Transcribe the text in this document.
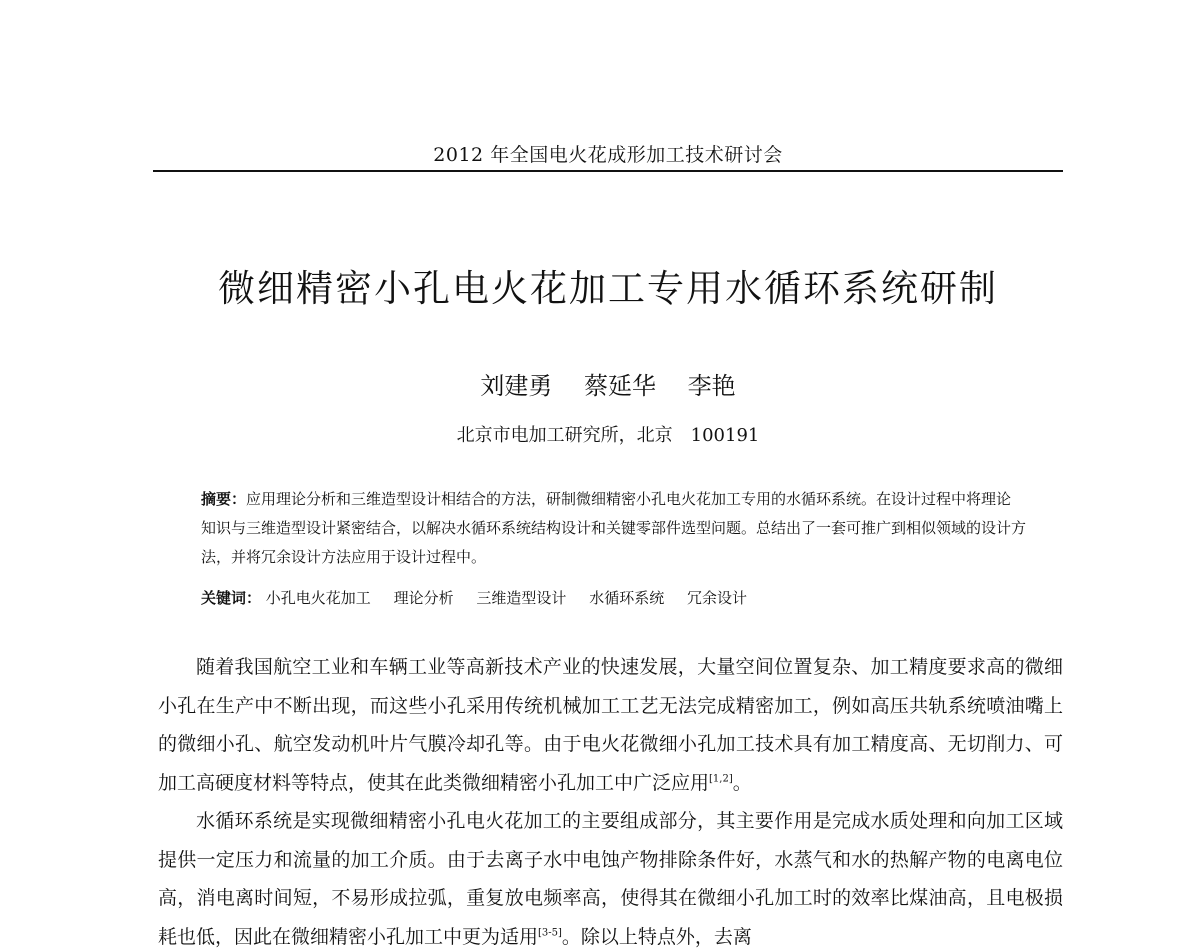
2012 年全国电火花成形加工技术研讨会
微细精密小孔电火花加工专用水循环系统研制
刘建勇 蔡延华 李艳
北京市电加工研究所，北京　100191
摘要：应用理论分析和三维造型设计相结合的方法，研制微细精密小孔电火花加工专用的水循环系统。在设计过程中将理论知识与三维造型设计紧密结合，以解决水循环系统结构设计和关键零部件选型问题。总结出了一套可推广到相似领域的设计方法，并将冗余设计方法应用于设计过程中。
关键词： 小孔电火花加工 理论分析 三维造型设计 水循环系统 冗余设计

随着我国航空工业和车辆工业等高新技术产业的快速发展，大量空间位置复杂、加工精度要求高的微细小孔在生产中不断出现，而这些小孔采用传统机械加工工艺无法完成精密加工，例如高压共轨系统喷油嘴上的微细小孔、航空发动机叶片气膜冷却孔等。由于电火花微细小孔加工技术具有加工精度高、无切削力、可加工高硬度材料等特点，使其在此类微细精密小孔加工中广泛应用[1,2]。

水循环系统是实现微细精密小孔电火花加工的主要组成部分，其主要作用是完成水质处理和向加工区域提供一定压力和流量的加工介质。由于去离子水中电蚀产物排除条件好，水蒸气和水的热解产物的电离电位高，消电离时间短，不易形成拉弧，重复放电频率高，使得其在微细小孔加工时的效率比煤油高，且电极损耗也低，因此在微细精密小孔加工中更为适用[3-5]。除以上特点外，去离
